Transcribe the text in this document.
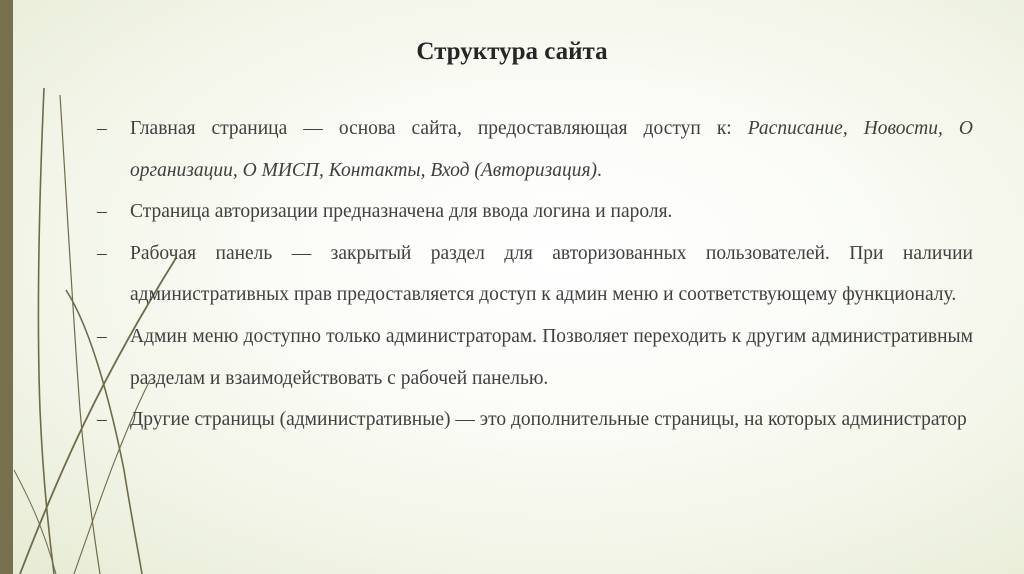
Структура сайта
–	Главная страница — основа сайта, предоставляющая доступ к: Расписание, Новости, О организации, О МИСП, Контакты, Вход (Авторизация).
–	Страница авторизации предназначена для ввода логина и пароля.
–	Рабочая панель — закрытый раздел для авторизованных пользователей. При наличии административных прав предоставляется доступ к админ меню и соответствующему функционалу.
–	Админ меню доступно только администраторам. Позволяет переходить к другим административным разделам и взаимодействовать с рабочей панелью.
–	Другие страницы (административные) — это дополнительные страницы, на которых администратор
